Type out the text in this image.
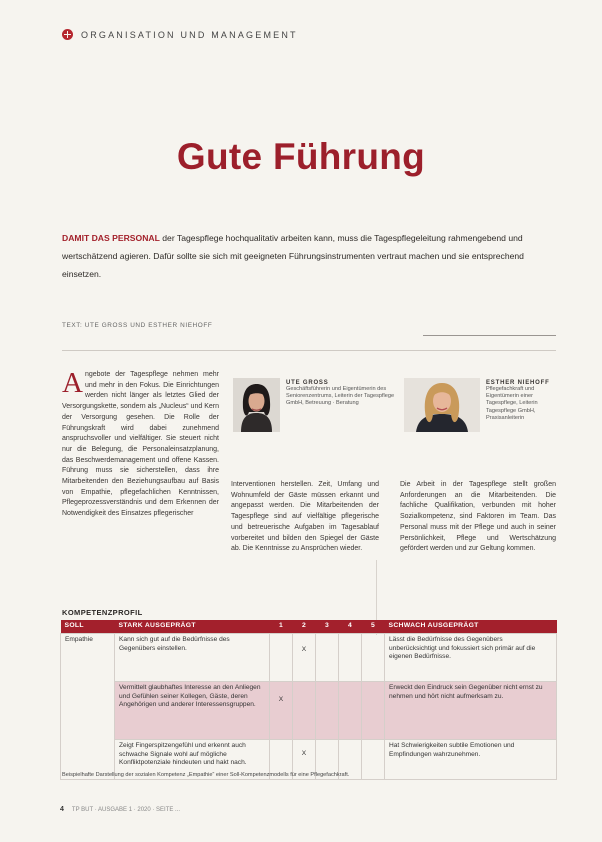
ORGANISATION UND MANAGEMENT
Gute Führung
DAMIT DAS PERSONAL der Tagespflege hochqualitativ arbeiten kann, muss die Tagespflegeleitung rahmengebend und wertschätzend agieren. Dafür sollte sie sich mit geeigneten Führungsinstrumenten vertraut machen und sie entsprechend einsetzen.
TEXT: UTE GROSS UND ESTHER NIEHOFF
Angebote der Tagespflege nehmen mehr und mehr in den Fokus. Die Einrichtungen werden nicht länger als letztes Glied der Versorgungskette, sondern als „Nucleus“ und Kern der Versorgung gesehen. Die Rolle der Führungskraft wird dabei zunehmend anspruchsvoller und vielfältiger. Sie steuert nicht nur die Belegung, die Personaleinsatzplanung, das Beschwerdemanagement und offene Kassen. Führung muss sie sicherstellen, dass ihre Mitarbeitenden den Beziehungsaufbau auf Basis von Empathie, pflegefachlichen Kenntnissen, Pflegeprozessverständnis und dem Erkennen der Notwendigkeit des Einsatzes pflegerischer
UTE GROSS
Geschäftsführerin und Eigentümerin des Seniorenzentrums, Leiterin der Tagespflege GmbH, Betreuung · Beratung
ESTHER NIEHOFF
Pflegefachkraft und Eigentümerin einer Tagespflege, Leiterin Tagespflege GmbH, Praxisanleiterin
Interventionen herstellen. Zeit, Umfang und Wohnumfeld der Gäste müssen erkannt und angepasst werden. Die Mitarbeitenden der Tagespflege sind auf vielfältige pflegerische und betreuerische Aufgaben im Tagesablauf vorbereitet und bilden den Spiegel der Gäste ab. Die Kenntnisse zu Ansprüchen wieder.
Die Arbeit in der Tagespflege stellt großen Anforderungen an die Mitarbeitenden. Die fachliche Qualifikation, verbunden mit hoher Sozialkompetenz, sind Faktoren im Team. Das Personal muss mit der Pflege und auch in seiner Persönlichkeit, Pflege und Wertschätzung gefördert werden und zur Geltung kommen.
KOMPETENZPROFIL
SOLL	STARK AUSGEPRÄGT	1	2	3	4	5	SCHWACH AUSGEPRÄGT
Empathie	Kann sich gut auf die Bedürfnisse des Gegenübers einstellen.		X				Lässt die Bedürfnisse des Gegenübers unberücksichtigt und fokussiert sich primär auf die eigenen Bedürfnisse.
	Vermittelt glaubhaftes Interesse an den Anliegen und Gefühlen seiner Kollegen, Gäste, deren Angehörigen und anderer Interessensgruppen.	X					Erweckt den Eindruck sein Gegenüber nicht ernst zu nehmen und hört nicht aufmerksam zu.
	Zeigt Fingerspitzengefühl und erkennt auch schwache Signale wohl auf mögliche Konfliktpotenziale hindeuten und hakt nach.		X				Hat Schwierigkeiten subtile Emotionen und Empfindungen wahrzunehmen.
Beispielhafte Darstellung der sozialen Kompetenz „Empathie“ einer Soll-Kompetenzmodells für eine Pflegefachkraft.
4 TP BUT · AUSGABE 1 · 2020 · SEITE ...
